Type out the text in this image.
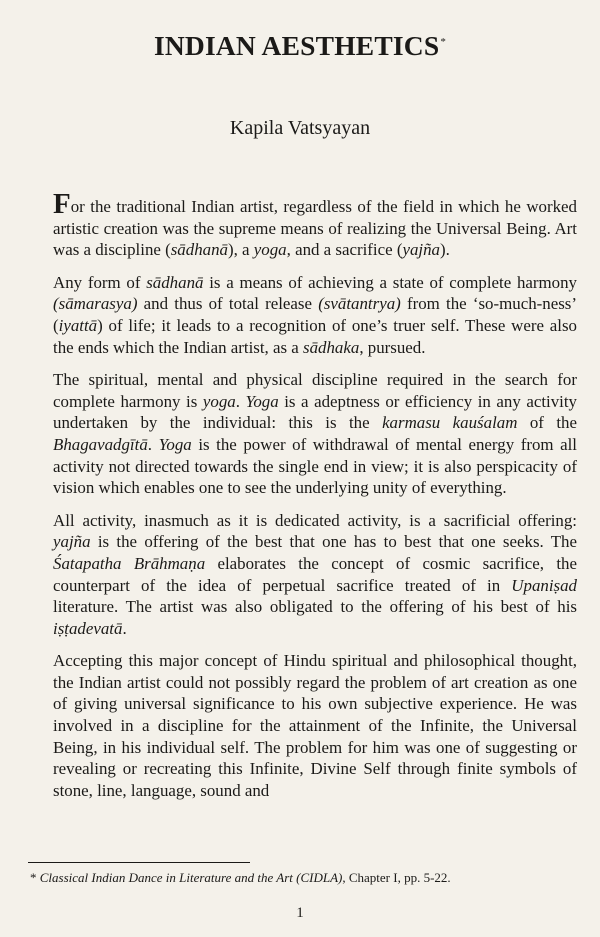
INDIAN AESTHETICS*
Kapila Vatsyayan

For the traditional Indian artist, regardless of the field in which he worked artistic creation was the supreme means of realizing the Universal Being. Art was a discipline (sādhanā), a yoga, and a sacrifice (yajña).

Any form of sādhanā is a means of achieving a state of complete harmony (sāmarasya) and thus of total release (svātantrya) from the ‘so-much-ness’ (iyattā) of life; it leads to a recognition of one’s truer self. These were also the ends which the Indian artist, as a sādhaka, pursued.

The spiritual, mental and physical discipline required in the search for complete harmony is yoga. Yoga is a adeptness or efficiency in any activity undertaken by the individual: this is the karmasu kauśalam of the Bhagavadgītā. Yoga is the power of withdrawal of mental energy from all activity not directed towards the single end in view; it is also perspicacity of vision which enables one to see the underlying unity of everything.

All activity, inasmuch as it is dedicated activity, is a sacrificial offering: yajña is the offering of the best that one has to best that one seeks. The Śatapatha Brāhmaṇa elaborates the concept of cosmic sacrifice, the counterpart of the idea of perpetual sacrifice treated of in Upaniṣad literature. The artist was also obligated to the offering of his best of his iṣṭadevatā.

Accepting this major concept of Hindu spiritual and philosophical thought, the Indian artist could not possibly regard the problem of art creation as one of giving universal significance to his own subjective experience. He was involved in a discipline for the attainment of the Infinite, the Universal Being, in his individual self. The problem for him was one of suggesting or revealing or recreating this Infinite, Divine Self through finite symbols of stone, line, language, sound and

* Classical Indian Dance in Literature and the Art (CIDLA), Chapter I, pp. 5-22.
1
